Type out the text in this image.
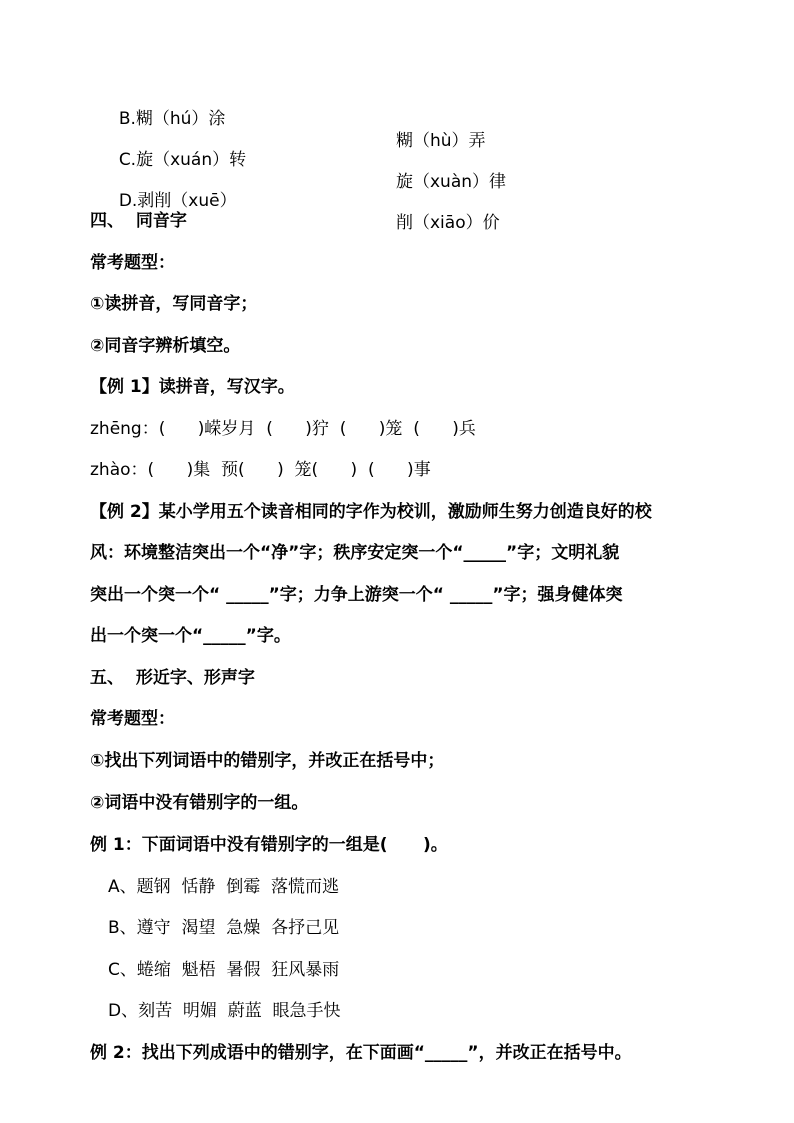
B.糊（hú）涂

糊（hù）弄

C.旋（xuán）转

旋（xuàn）律

D.剥削（xuē）

削（xiāo）价

四、  同音字
常考题型：
①读拼音，写同音字；
②同音字辨析填空。
【例 1】读拼音，写汉字。
zhēng：(      )嵘岁月  (      )狞  (      )笼  (      )兵
zhào：(      )集  预(      )  笼(      )  (      )事
【例 2】某小学用五个读音相同的字作为校训，激励师生努力创造良好的校
风：环境整洁突出一个“净”字；秩序安定突一个“_____”字；文明礼貌
突出一个突一个“ _____”字；力争上游突一个“ _____”字；强身健体突
出一个突一个“_____”字。
五、  形近字、形声字
常考题型：
①找出下列词语中的错别字，并改正在括号中；
②词语中没有错别字的一组。
例 1：下面词语中没有错别字的一组是(      )。
A、题钢  恬静  倒霉  落慌而逃
B、遵守  渴望  急燥  各抒己见
C、蜷缩  魁梧  暑假  狂风暴雨
D、刻苦  明媚  蔚蓝  眼急手快
例 2：找出下列成语中的错别字，在下面画“_____”，并改正在括号中。
